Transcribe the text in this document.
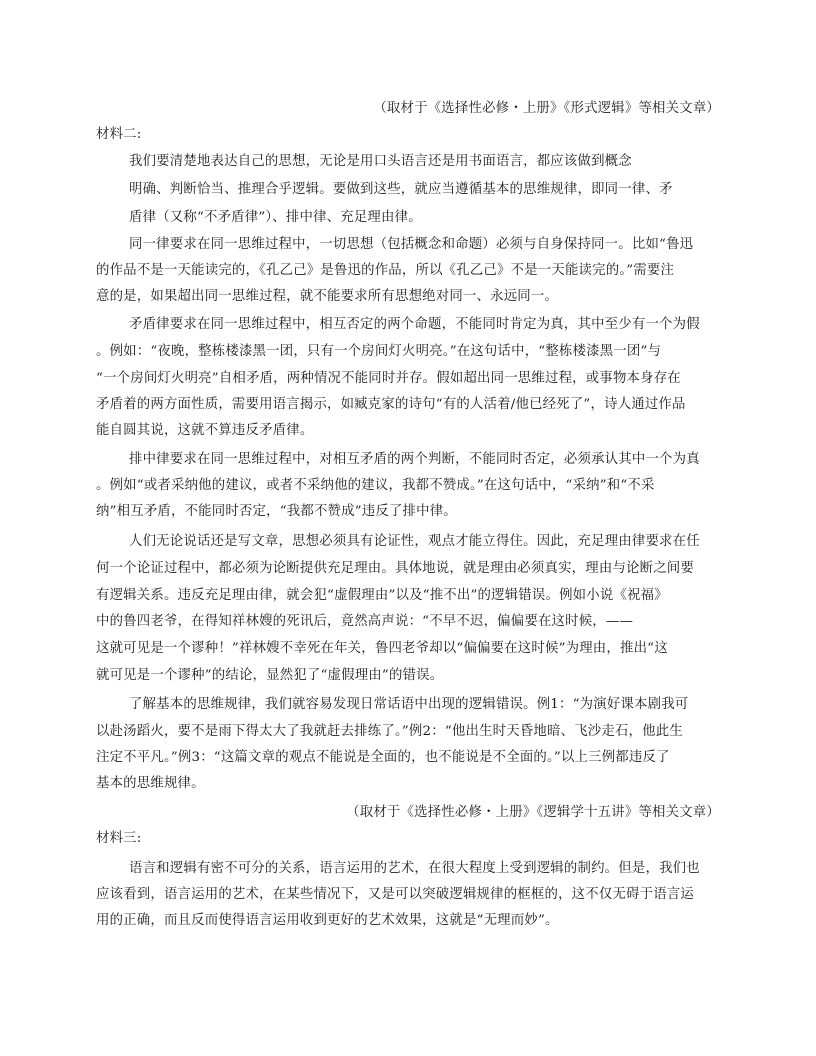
（取材于《选择性必修・上册》《形式逻辑》等相关文章）
材料二:
我们要清楚地表达自己的思想，无论是用口头语言还是用书面语言，都应该做到概念
明确、判断恰当、推理合乎逻辑。要做到这些，就应当遵循基本的思维规律，即同一律、矛
盾律（又称“不矛盾律”）、排中律、充足理由律。
同一律要求在同一思维过程中，一切思想（包括概念和命题）必须与自身保持同一。比如“鲁迅
的作品不是一天能读完的，《孔乙己》是鲁迅的作品，所以《孔乙己》不是一天能读完的。”需要注
意的是，如果超出同一思维过程，就不能要求所有思想绝对同一、永远同一。
矛盾律要求在同一思维过程中，相互否定的两个命题，不能同时肯定为真，其中至少有一个为假
。例如：“夜晚，整栋楼漆黑一团，只有一个房间灯火明亮。”在这句话中，“整栋楼漆黑一团”与
“一个房间灯火明亮”自相矛盾，两种情况不能同时并存。假如超出同一思维过程，或事物本身存在
矛盾着的两方面性质，需要用语言揭示，如臧克家的诗句“有的人活着/他已经死了”，诗人通过作品
能自圆其说，这就不算违反矛盾律。
排中律要求在同一思维过程中，对相互矛盾的两个判断，不能同时否定，必须承认其中一个为真
。例如“或者采纳他的建议，或者不采纳他的建议，我都不赞成。”在这句话中，“采纳”和“不采
纳”相互矛盾，不能同时否定，“我都不赞成”违反了排中律。
人们无论说话还是写文章，思想必须具有论证性，观点才能立得住。因此，充足理由律要求在任
何一个论证过程中，都必须为论断提供充足理由。具体地说，就是理由必须真实，理由与论断之间要
有逻辑关系。违反充足理由律，就会犯“虚假理由”以及“推不出”的逻辑错误。例如小说《祝福》
中的鲁四老爷，在得知祥林嫂的死讯后，竟然高声说：“不早不迟，偏偏要在这时候，——
这就可见是一个谬种！”祥林嫂不幸死在年关，鲁四老爷却以“偏偏要在这时候”为理由，推出“这
就可见是一个谬种”的结论，显然犯了“虚假理由”的错误。
了解基本的思维规律，我们就容易发现日常话语中出现的逻辑错误。例1：“为演好课本剧我可
以赴汤蹈火，要不是雨下得太大了我就赶去排练了。”例2：“他出生时天昏地暗、飞沙走石，他此生
注定不平凡。”例3：“这篇文章的观点不能说是全面的，也不能说是不全面的。”以上三例都违反了
基本的思维规律。
（取材于《选择性必修・上册》《逻辑学十五讲》等相关文章）
材料三:
语言和逻辑有密不可分的关系，语言运用的艺术，在很大程度上受到逻辑的制约。但是，我们也
应该看到，语言运用的艺术，在某些情况下，又是可以突破逻辑规律的框框的，这不仅无碍于语言运
用的正确，而且反而使得语言运用收到更好的艺术效果，这就是“无理而妙”。
